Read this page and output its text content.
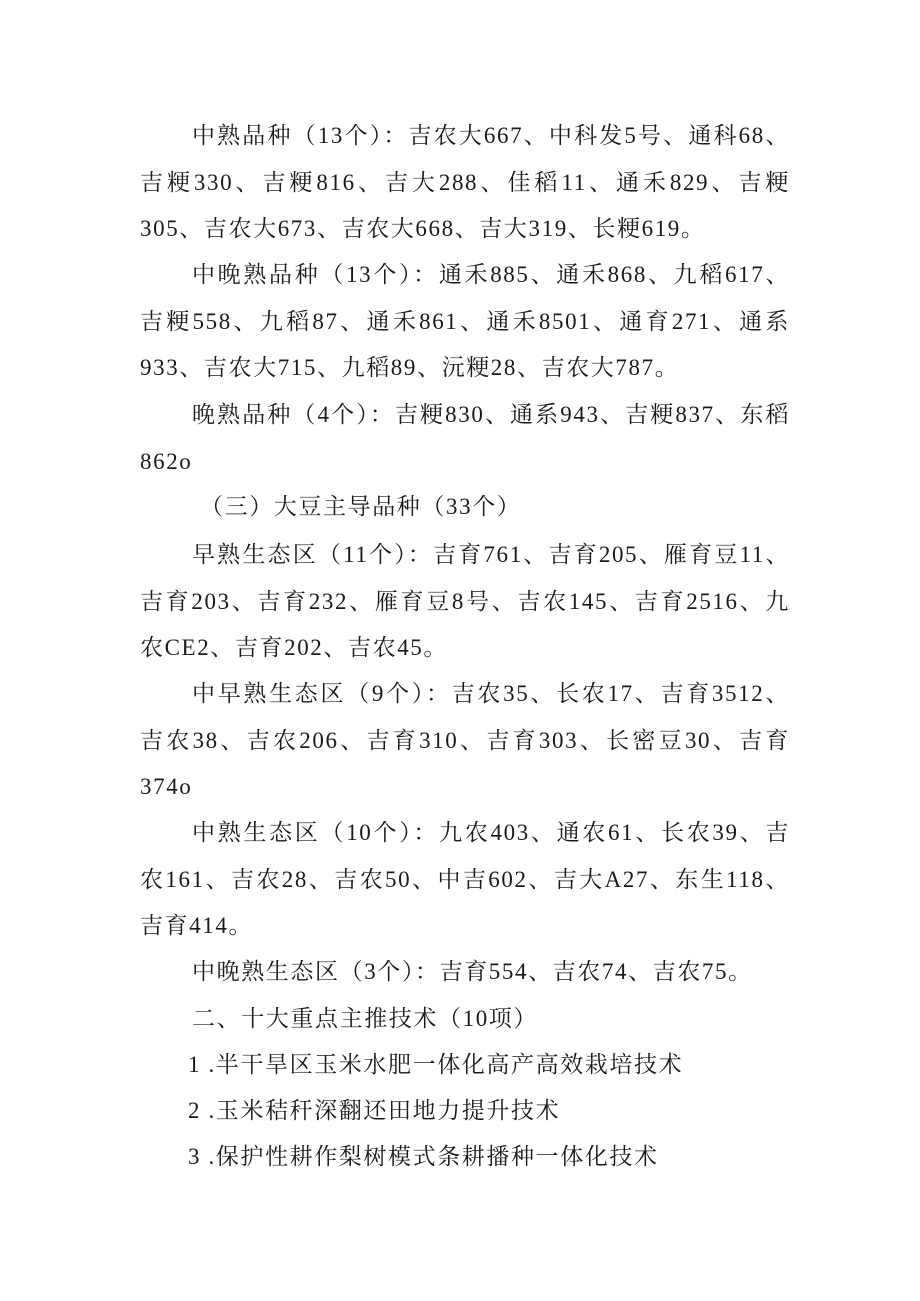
中熟品种（13个）：吉农大667、中科发5号、通科68、吉粳330、吉粳816、吉大288、佳稻11、通禾829、吉粳305、吉农大673、吉农大668、吉大319、长粳619。

中晚熟品种（13个）：通禾885、通禾868、九稻617、吉粳558、九稻87、通禾861、通禾8501、通育271、通系933、吉农大715、九稻89、沅粳28、吉农大787。

晚熟品种（4个）：吉粳830、通系943、吉粳837、东稻862o

（三）大豆主导品种（33个）

早熟生态区（11个）：吉育761、吉育205、雁育豆11、吉育203、吉育232、雁育豆8号、吉农145、吉育2516、九农CE2、吉育202、吉农45。

中早熟生态区（9个）：吉农35、长农17、吉育3512、吉农38、吉农206、吉育310、吉育303、长密豆30、吉育374o

中熟生态区（10个）：九农403、通农61、长农39、吉农161、吉农28、吉农50、中吉602、吉大A27、东生118、吉育414。

中晚熟生态区（3个）：吉育554、吉农74、吉农75。

二、十大重点主推技术（10项）

1 .半干旱区玉米水肥一体化高产高效栽培技术

2 .玉米秸秆深翻还田地力提升技术

3 .保护性耕作梨树模式条耕播种一体化技术
